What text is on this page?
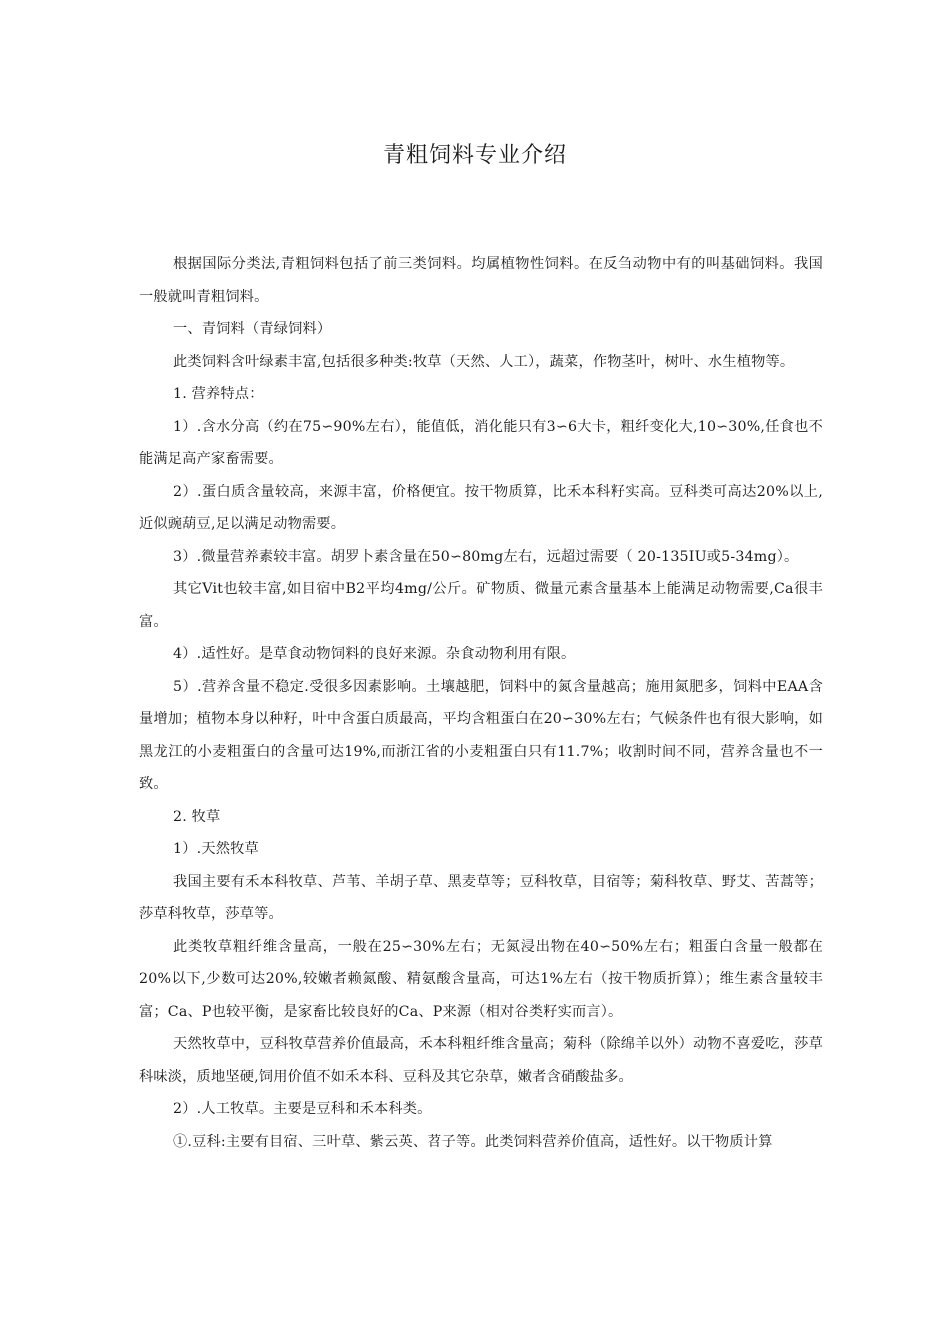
青粗饲料专业介绍

根据国际分类法,青粗饲料包括了前三类饲料。均属植物性饲料。在反刍动物中有的叫基础饲料。我国一般就叫青粗饲料。

一、青饲料（青绿饲料）

此类饲料含叶绿素丰富,包括很多种类:牧草（天然、人工），蔬菜，作物茎叶，树叶、水生植物等。

1. 营养特点：

1）.含水分高（约在75∽90%左右），能值低，消化能只有3∽6大卡，粗纤变化大,10∽30%,任食也不能满足高产家畜需要。

2）.蛋白质含量较高，来源丰富，价格便宜。按干物质算，比禾本科籽实高。豆科类可高达20%以上,近似豌葫豆,足以满足动物需要。

3）.微量营养素较丰富。胡罗卜素含量在50∽80mg左右，远超过需要（ 20-135IU或5-34mg）。

其它Vit也较丰富,如目宿中B2平均4mg/公斤。矿物质、微量元素含量基本上能满足动物需要,Ca很丰富。

4）.适性好。是草食动物饲料的良好来源。杂食动物利用有限。

5）.营养含量不稳定.受很多因素影响。土壤越肥，饲料中的氮含量越高；施用氮肥多，饲料中EAA含量增加；植物本身以种籽，叶中含蛋白质最高，平均含粗蛋白在20∽30%左右；气候条件也有很大影响，如黑龙江的小麦粗蛋白的含量可达19%,而浙江省的小麦粗蛋白只有11.7%；收割时间不同，营养含量也不一致。

2. 牧草

1）.天然牧草

我国主要有禾本科牧草、芦苇、羊胡子草、黑麦草等；豆科牧草，目宿等；菊科牧草、野艾、苦蒿等；莎草科牧草，莎草等。

此类牧草粗纤维含量高，一般在25∽30%左右；无氮浸出物在40∽50%左右；粗蛋白含量一般都在20%以下,少数可达20%,较嫩者赖氮酸、精氨酸含量高，可达1%左右（按干物质折算）；维生素含量较丰富；Ca、P也较平衡，是家畜比较良好的Ca、P来源（相对谷类籽实而言）。

天然牧草中，豆科牧草营养价值最高，禾本科粗纤维含量高；菊科（除绵羊以外）动物不喜爱吃，莎草科味淡，质地坚硬,饲用价值不如禾本科、豆科及其它杂草，嫩者含硝酸盐多。

2）.人工牧草。主要是豆科和禾本科类。

①.豆科:主要有目宿、三叶草、紫云英、苕子等。此类饲料营养价值高，适性好。以干物质计算
